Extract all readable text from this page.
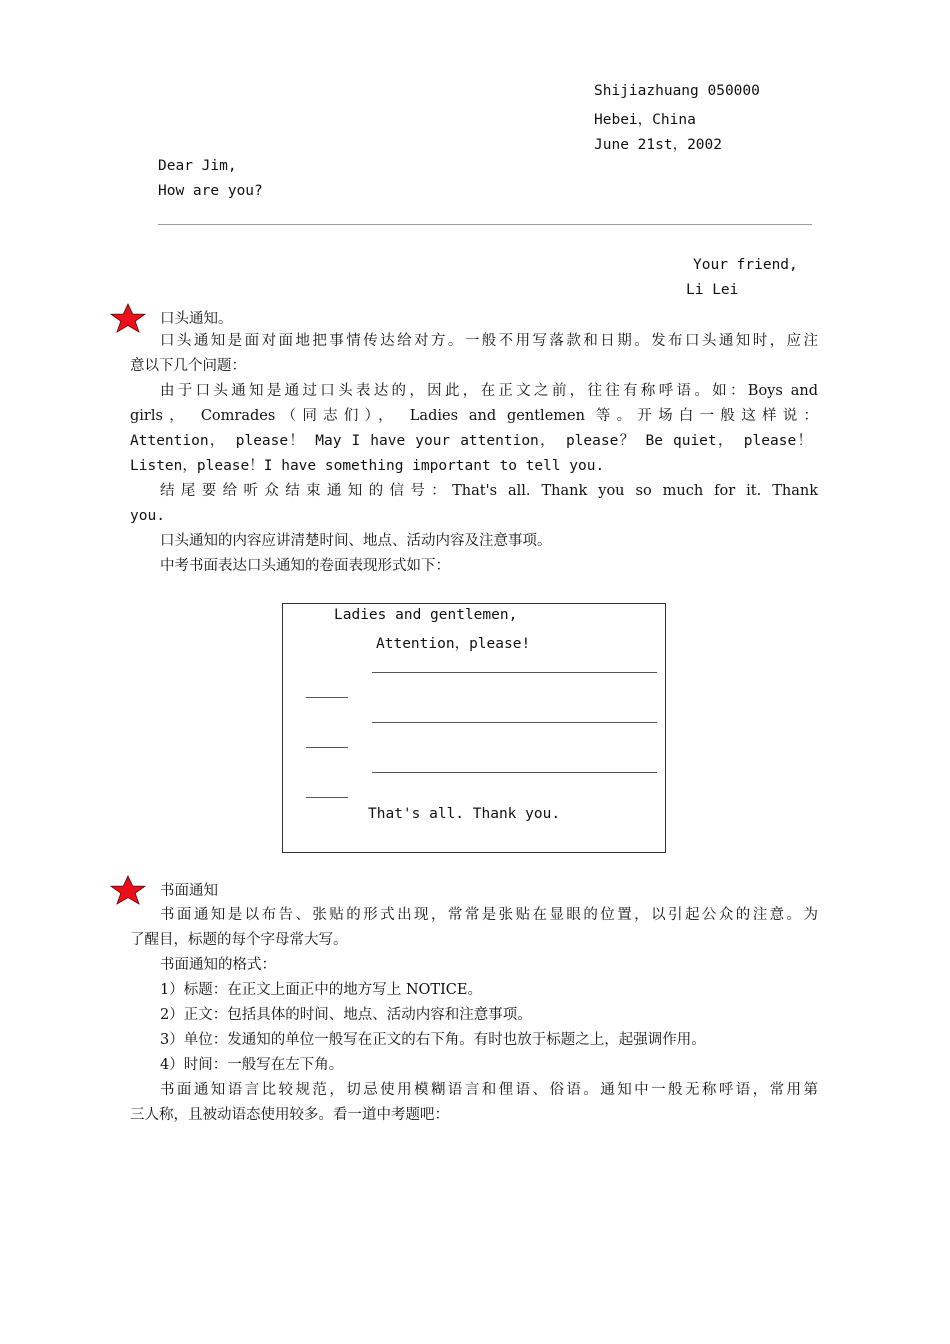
Shijiazhuang 050000
Hebei，China
June 21st，2002
Dear Jim,
How are you?
Your friend,
Li Lei
口头通知。
口头通知是面对面地把事情传达给对方。一般不用写落款和日期。发布口头通知时，应注
意以下几个问题：
由于口头通知是通过口头表达的，因此，在正文之前，往往有称呼语。如：Boys and
girls， Comrades（同志们）， Ladies and gentlemen 等。开场白一般这样说：
Attention， please！ May I have your attention， please？ Be quiet， please！
Listen，please！I have something important to tell you.
结尾要给听众结束通知的信号：That's all. Thank you so much for it. Thank
you.
口头通知的内容应讲清楚时间、地点、活动内容及注意事项。
中考书面表达口头通知的卷面表现形式如下：
Ladies and gentlemen,
Attention，please!
That's all. Thank you.
书面通知
书面通知是以布告、张贴的形式出现，常常是张贴在显眼的位置，以引起公众的注意。为
了醒目，标题的每个字母常大写。
书面通知的格式：
1）标题：在正文上面正中的地方写上 NOTICE。
2）正文：包括具体的时间、地点、活动内容和注意事项。
3）单位：发通知的单位一般写在正文的右下角。有时也放于标题之上，起强调作用。
4）时间：一般写在左下角。
书面通知语言比较规范，切忌使用模糊语言和俚语、俗语。通知中一般无称呼语，常用第
三人称，且被动语态使用较多。看一道中考题吧：
